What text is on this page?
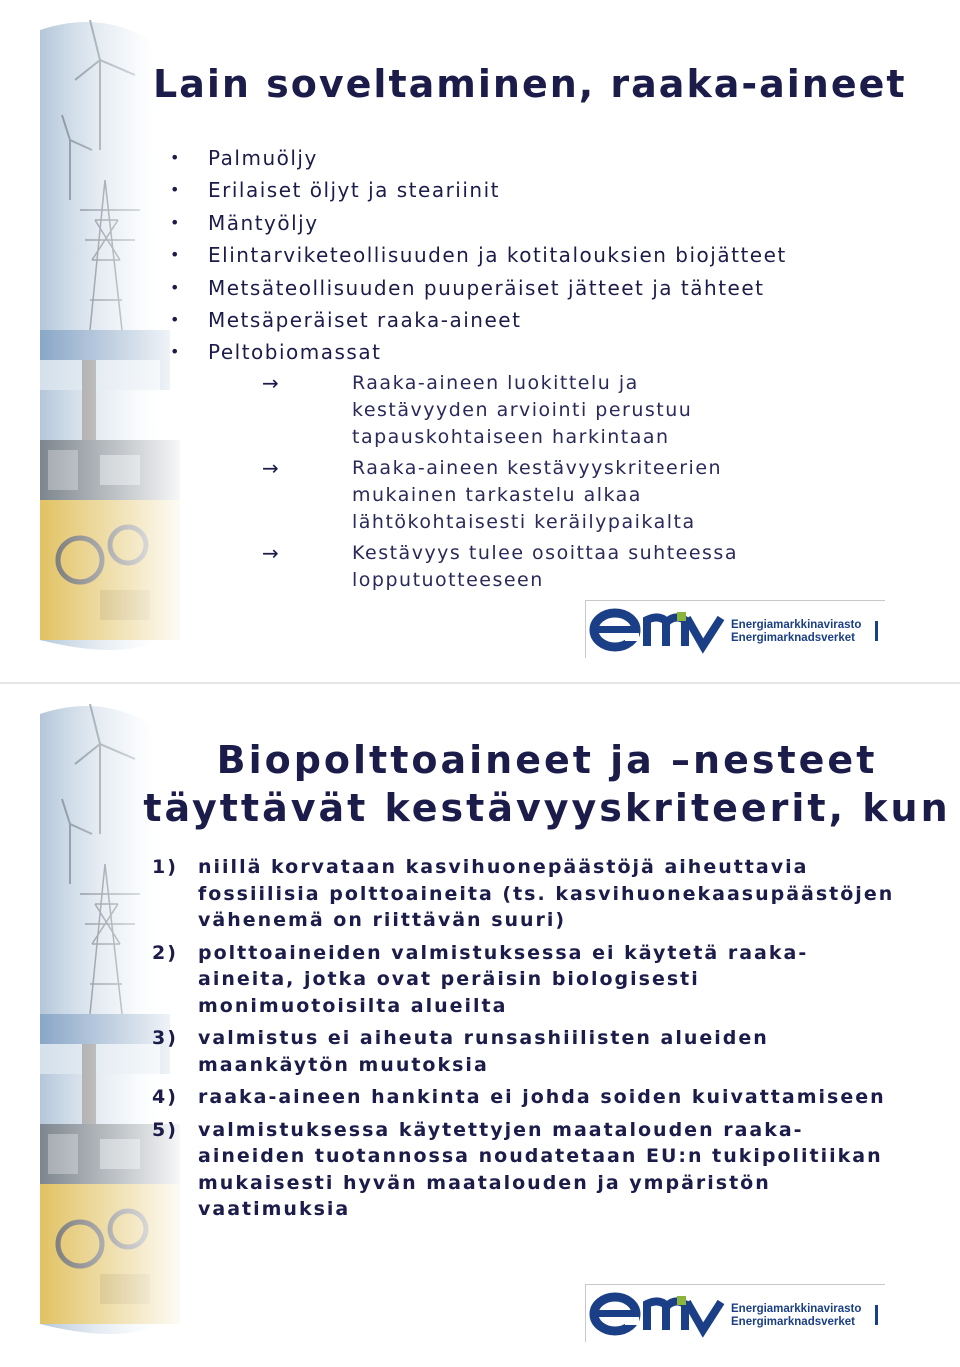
Lain soveltaminen, raaka-aineet
• Palmuöljy
• Erilaiset öljyt ja steariinit
• Mäntyöljy
• Elintarviketeollisuuden ja kotitalouksien biojätteet
• Metsäteollisuuden puuperäiset jätteet ja tähteet
• Metsäperäiset raaka-aineet
• Peltobiomassat
→	Raaka-aineen luokittelu ja kestävyyden arviointi perustuu tapauskohtaiseen harkintaan
→	Raaka-aineen kestävyyskriteerien mukainen tarkastelu alkaa lähtökohtaisesti keräilypaikalta
→	Kestävyys tulee osoittaa suhteessa lopputuotteeseen
Energiamarkkinavirasto
Energimarknadsverket
Biopolttoaineet ja –nesteet
täyttävät kestävyyskriteerit, kun
1) niillä korvataan kasvihuonepäästöjä aiheuttavia fossiilisia polttoaineita (ts. kasvihuonekaasupäästöjen vähenemä on riittävän suuri)
2) polttoaineiden valmistuksessa ei käytetä raaka-aineita, jotka ovat peräisin biologisesti monimuotoisilta alueilta
3) valmistus ei aiheuta runsashiilisten alueiden maankäytön muutoksia
4) raaka-aineen hankinta ei johda soiden kuivattamiseen
5) valmistuksessa käytettyjen maatalouden raaka-aineiden tuotannossa noudatetaan EU:n tukipolitiikan mukaisesti hyvän maatalouden ja ympäristön vaatimuksia
Energiamarkkinavirasto
Energimarknadsverket
